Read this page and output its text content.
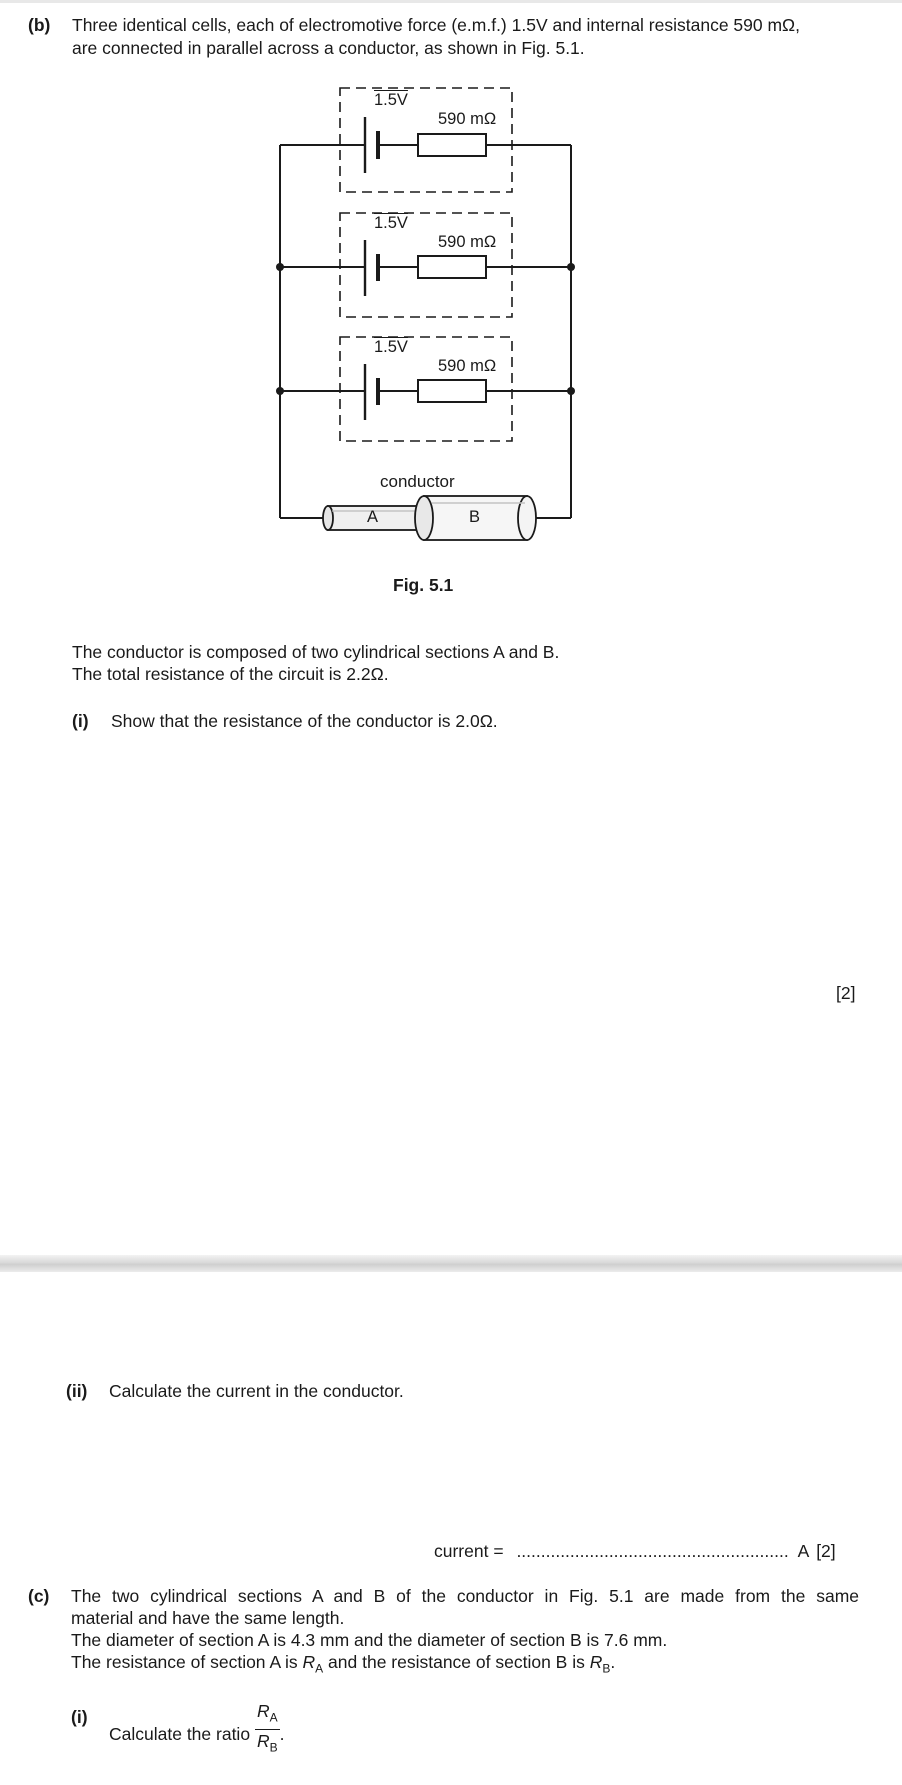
(b) Three identical cells, each of electromotive force (e.m.f.) 1.5V and internal resistance 590 mΩ,
are connected in parallel across a conductor, as shown in Fig. 5.1.
1.5V
590 mΩ
1.5V
590 mΩ
1.5V
590 mΩ
conductor
A	B
Fig. 5.1
The conductor is composed of two cylindrical sections A and B.
The total resistance of the circuit is 2.2Ω.
(i) Show that the resistance of the conductor is 2.0Ω.
[2]
(ii) Calculate the current in the conductor.
current = ........................................................ A [2]
(c) The two cylindrical sections A and B of the conductor in Fig. 5.1 are made from the same
material and have the same length.
The diameter of section A is 4.3 mm and the diameter of section B is 7.6 mm.
The resistance of section A is $R_A$ and the resistance of section B is $R_B$.
(i)
Calculate the ratio $\frac{R_A}{R_B}$ .
